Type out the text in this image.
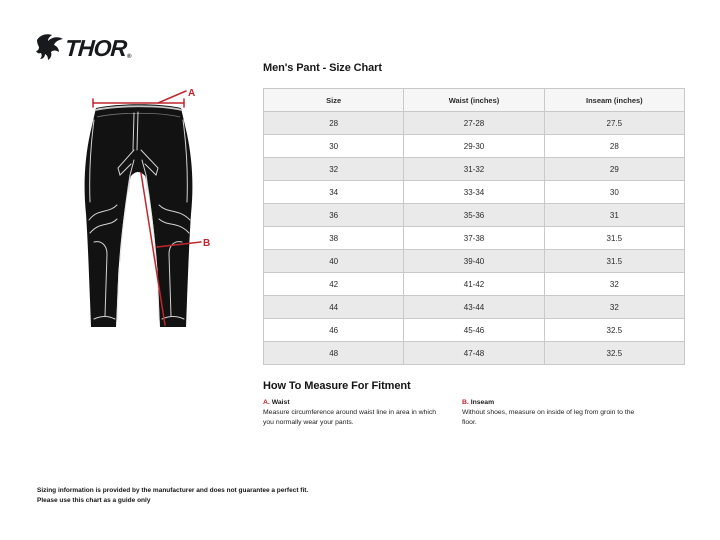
THOR ®
A
B
Men's Pant - Size Chart
Size	Waist (inches)	Inseam (inches)
28	27-28	27.5
30	29-30	28
32	31-32	29
34	33-34	30
36	35-36	31
38	37-38	31.5
40	39-40	31.5
42	41-42	32
44	43-44	32
46	45-46	32.5
48	47-48	32.5
How To Measure For Fitment

A. Waist

Measure circumference around waist line in area in which you normally wear your pants.

B. Inseam

Without shoes, measure on inside of leg from groin to the floor.

Sizing information is provided by the manufacturer and does not guarantee a perfect fit.
Please use this chart as a guide only
